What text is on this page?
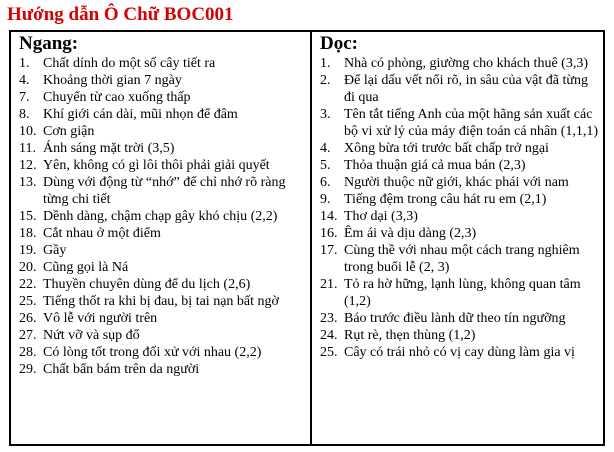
Hướng dẫn Ô Chữ BOC001
Ngang:
1. Chất dính do một số cây tiết ra
4. Khoảng thời gian 7 ngày
7. Chuyển từ cao xuống thấp
8. Khí giới cán dài, mũi nhọn để đâm
10. Cơn giận
11. Ánh sáng mặt trời (3,5)
12. Yên, không có gì lôi thôi phải giải quyết
13. Dùng với động từ “nhớ” để chỉ nhớ rõ ràng từng chi tiết
15. Dềnh dàng, chậm chạp gây khó chịu (2,2)
18. Cắt nhau ở một điểm
19. Gầy
20. Cũng gọi là Ná
22. Thuyền chuyên dùng để du lịch (2,6)
25. Tiếng thốt ra khi bị đau, bị tai nạn bất ngờ
26. Vô lễ với người trên
27. Nứt vỡ và sụp đổ
28. Có lòng tốt trong đối xử với nhau (2,2)
29. Chất bẩn bám trên da người
Dọc:
1. Nhà có phòng, giường cho khách thuê (3,3)
2. Để lại dấu vết nổi rõ, in sâu của vật đã từng đi qua
3. Tên tắt tiếng Anh của một hãng sản xuất các bộ vi xử lý của máy điện toán cá nhân (1,1,1)
4. Xông bừa tới trước bất chấp trở ngại
5. Thỏa thuận giá cả mua bán (2,3)
6. Người thuộc nữ giới, khác phái với nam
9. Tiếng đệm trong câu hát ru em (2,1)
14. Thơ dại (3,3)
16. Êm ái và dịu dàng (2,3)
17. Cùng thề với nhau một cách trang nghiêm trong buổi lễ (2, 3)
21. Tỏ ra hờ hững, lạnh lùng, không quan tâm (1,2)
23. Báo trước điều lành dữ theo tín ngưỡng
24. Rụt rè, thẹn thùng (1,2)
25. Cây có trái nhỏ có vị cay dùng làm gia vị
